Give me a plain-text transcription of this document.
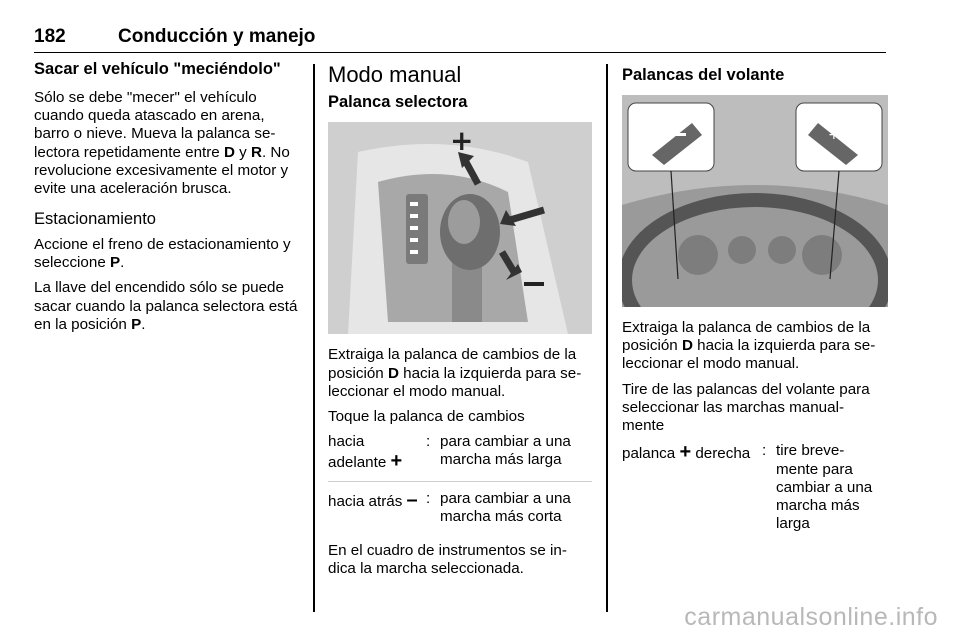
182	Conducción y manejo
Sacar el vehículo "meciéndolo"

Sólo se debe "mecer" el vehículo cuando queda atascado en arena, barro o nieve. Mueva la palanca se- lectora repetidamente entre D y R. No revolucione excesivamente el motor y evite una aceleración brusca.

Estacionamiento

Accione el freno de estacionamiento y seleccione P.

La llave del encendido sólo se puede sacar cuando la palanca selectora está en la posición P.

Modo manual
Palanca selectora
+

Extraiga la palanca de cambios de la posición D hacia la izquierda para se- leccionar el modo manual.

Toque la palanca de cambios

hacia adelante +
: para cambiar a una marcha más larga
hacia atrás – : para cambiar a una marcha más corta

En el cuadro de instrumentos se in- dica la marcha seleccionada.

Palancas del volante
+

Extraiga la palanca de cambios de la posición D hacia la izquierda para se- leccionar el modo manual.

Tire de las palancas del volante para seleccionar las marchas manual- mente

palanca + derecha : tire breve- mente para cambiar a una marcha más larga
carmanualsonline.info
